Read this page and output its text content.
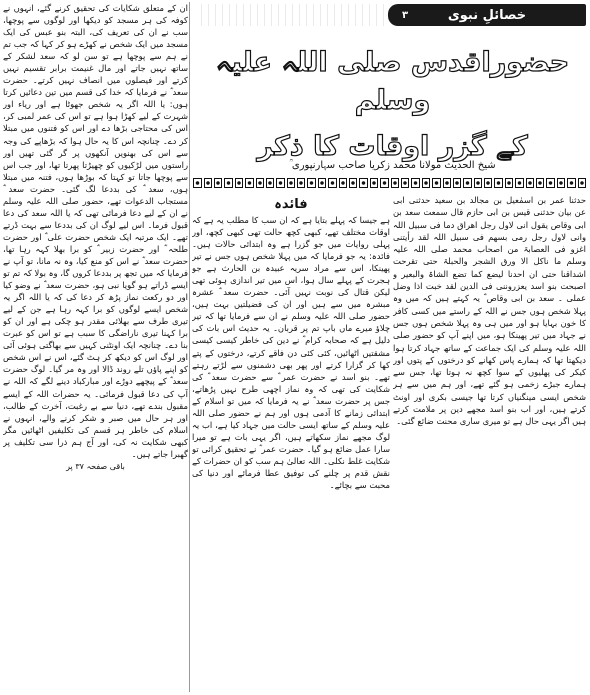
۳	خصائلِ نبوی
حضوراقدس صلی اللہ علیہ وسلم
کے گزر اوقات کا ذکر
شیخ الحدیث مولانا محمد زکریا صاحب سہارنپوری ؒ

حدثنا عمر بن اسمٰعیل بن مجالد بن سعید حدثنی ابی عن بیان حدثنی قیس بن ابی حازم قال سمعت سعد بن ابی وقاص یقول انی لاول رجل اھراق دما فی سبیل اللہ وانی لاول رجل رمی بسھم فی سبیل اللہ لقد رأیتنی اغزو فی العصابۃ من اصحاب محمد صلی اللہ علیہ وسلم ما ناکل الا ورق الشجر والحبلۃ حتی تقرحت اشداقنا حتی ان احدنا لیضع کما تضع الشاۃ والبعیر و اصبحت بنو اسد یعزروننی فی الدین لقد خبت اذا وضل عملی ۔ سعد بن ابی وقاص ؓ یہ کہتے ہیں کہ میں وہ پہلا شخص ہوں جس نے اللہ کے راستے میں کسی کافر کا خون بہایا ہو اور میں ہی وہ پہلا شخص ہوں جس نے جہاد میں تیر پھینکا ہو، میں اپنے آپ کو حضور صلی اللہ علیہ وسلم کی ایک جماعت کے ساتھ جہاد کرتا ہوا دیکھتا تھا کہ ہمارے پاس کھانے کو درختوں کے پتوں اور کیکر کی پھلیوں کے سوا کچھ نہ ہوتا تھا، جس سے ہمارے جبڑے زخمی ہو گئے تھے، اور ہم میں سے ہر شخص ایسی مینگنیاں کرتا تھا جیسی بکری اور اونٹ کرتے ہیں، اور اب بنو اسد مجھے دین پر ملامت کرتے ہیں اگر یہی حال ہے تو میری ساری محنت ضائع گئی۔

فائدہ

ہے جیسا کہ پہلے بتایا ہے کہ ان سب کا مطلب یہ ہے کہ اوقات مختلف تھے، کبھی کچھ حالت تھی کبھی کچھ، اور پہلی روایات میں جو گزرا ہے وہ ابتدائی حالات ہیں۔ فائدہ: یہ جو فرمایا کہ میں پہلا شخص ہوں جس نے تیر پھینکا، اس سے مراد سریہ عبیدہ بن الحارث ہے جو ہجرت کے پہلے سال ہوا، اس میں تیر اندازی ہوئی تھی لیکن قتال کی نوبت نہیں آئی۔ حضرت سعد ؓ عشرہ مبشرہ میں سے ہیں اور ان کی فضیلتیں بہت ہیں، حضور صلی اللہ علیہ وسلم نے ان سے فرمایا تھا کہ تیر چلاؤ میرے ماں باپ تم پر قربان۔ یہ حدیث اس بات کی دلیل ہے کہ صحابہ کرام ؓ نے دین کی خاطر کیسی کیسی مشقتیں اٹھائیں، کئی کئی دن فاقے کرتے، درختوں کے پتے کھا کر گزارا کرتے اور پھر بھی دشمنوں سے لڑتے رہتے تھے۔ بنو اسد نے حضرت عمر ؓ سے حضرت سعد ؓ کی شکایت کی تھی کہ وہ نماز اچھی طرح نہیں پڑھاتے، جس پر حضرت سعد ؓ نے یہ فرمایا کہ میں تو اسلام کے ابتدائی زمانے کا آدمی ہوں اور ہم نے حضور صلی اللہ علیہ وسلم کے ساتھ ایسی حالت میں جہاد کیا ہے، اب یہ لوگ مجھے نماز سکھاتے ہیں، اگر یہی بات ہے تو میرا سارا عمل ضائع ہو گیا۔ حضرت عمر ؓ نے تحقیق کرائی تو شکایت غلط نکلی۔ اللہ تعالیٰ ہم سب کو ان حضرات کے نقش قدم پر چلنے کی توفیق عطا فرمائے اور دنیا کی محبت سے بچائے۔

ان کے متعلق شکایات کی تحقیق کرنے گئے، انہوں نے کوفہ کی ہر مسجد کو دیکھا اور لوگوں سے پوچھا، سب نے ان کی تعریف کی، البتہ بنو عبس کی ایک مسجد میں ایک شخص نے کھڑے ہو کر کہا کہ جب تم نے ہم سے پوچھا ہے تو سن لو کہ سعد لشکر کے ساتھ نہیں جاتے اور مال غنیمت برابر تقسیم نہیں کرتے اور فیصلوں میں انصاف نہیں کرتے۔ حضرت سعد ؓ نے فرمایا کہ خدا کی قسم میں تین دعائیں کرتا ہوں: یا اللہ اگر یہ شخص جھوٹا ہے اور ریاء اور شہرت کے لیے کھڑا ہوا ہے تو اس کی عمر لمبی کر، اس کی محتاجی بڑھا دے اور اس کو فتنوں میں مبتلا کر دے۔ چنانچہ اس کا یہ حال ہوا کہ بڑھاپے کی وجہ سے اس کی بھنویں آنکھوں پر گر گئی تھیں اور راستوں میں لڑکیوں کو چھیڑتا پھرتا تھا، اور جب اس سے پوچھا جاتا تو کہتا کہ بوڑھا ہوں، فتنہ میں مبتلا ہوں، سعد ؓ کی بددعا لگ گئی۔ حضرت سعد ؓ مستجاب الدعوات تھے، حضور صلی اللہ علیہ وسلم نے ان کے لیے دعا فرمائی تھی کہ یا اللہ سعد کی دعا قبول فرما۔ اس لیے لوگ ان کی بددعا سے بہت ڈرتے تھے۔ ایک مرتبہ ایک شخص حضرت علی ؓ اور حضرت طلحہ ؓ اور حضرت زبیر ؓ کو برا بھلا کہہ رہا تھا، حضرت سعد ؓ نے اس کو منع کیا، وہ نہ مانا، تو آپ نے فرمایا کہ میں تجھ پر بددعا کروں گا، وہ بولا کہ تم تو ایسے ڈراتے ہو گویا نبی ہو، حضرت سعد ؓ نے وضو کیا اور دو رکعت نماز پڑھ کر دعا کی کہ یا اللہ اگر یہ شخص ایسے لوگوں کو برا کہہ رہا ہے جن کے لیے تیری طرف سے بھلائی مقدر ہو چکی ہے اور ان کو برا کہنا تیری ناراضگی کا سبب ہے تو اس کو عبرت بنا دے۔ چنانچہ ایک اونٹنی کہیں سے بھاگتی ہوئی آئی اور لوگ اس کو دیکھ کر ہٹ گئے، اس نے اس شخص کو اپنے پاؤں تلے روند ڈالا اور وہ مر گیا۔ لوگ حضرت سعد ؓ کے پیچھے دوڑے اور مبارکباد دینے لگے کہ اللہ نے آپ کی دعا قبول فرمائی۔ یہ حضرات اللہ کے ایسے مقبول بندے تھے، دنیا سے بے رغبت، آخرت کے طالب، اور ہر حال میں صبر و شکر کرنے والے، انہوں نے اسلام کی خاطر ہر قسم کی تکلیفیں اٹھائیں مگر کبھی شکایت نہ کی، اور آج ہم ذرا سی تکلیف پر گھبرا جاتے ہیں۔

باقی صفحہ ۳۷ پر
